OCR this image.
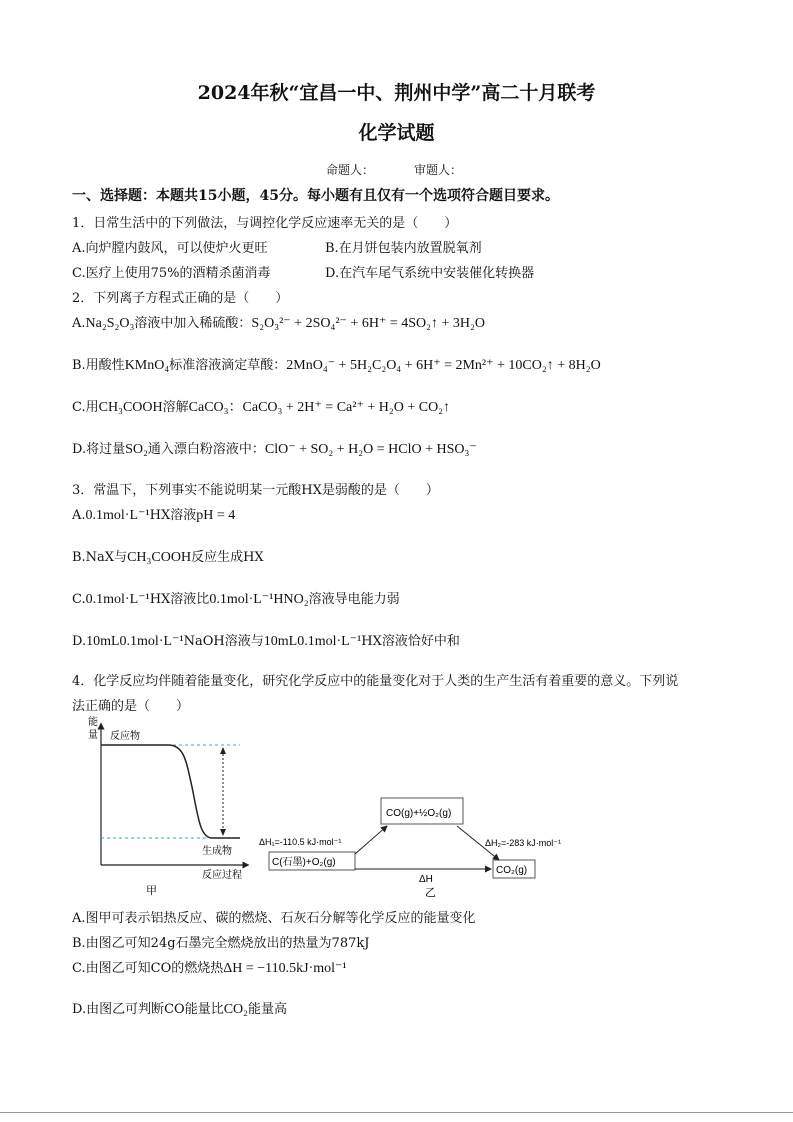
2024年秋“宜昌一中、荆州中学”高二十月联考
化学试题
命题人：	审题人：
一、选择题：本题共15小题，45分。每小题有且仅有一个选项符合题目要求。
1．日常生活中的下列做法，与调控化学反应速率无关的是（　　）
A.向炉膛内鼓风，可以使炉火更旺	B.在月饼包装内放置脱氧剂
C.医疗上使用75%的酒精杀菌消毒	D.在汽车尾气系统中安装催化转换器
2．下列离子方程式正确的是（　　）
A.Na₂S₂O₃溶液中加入稀硫酸：S₂O₃²⁻ + 2SO₄²⁻ + 6H⁺ = 4SO₂↑ + 3H₂O
B.用酸性KMnO₄标准溶液滴定草酸：2MnO₄⁻ + 5H₂C₂O₄ + 6H⁺ = 2Mn²⁺ + 10CO₂↑ + 8H₂O
C.用CH₃COOH溶解CaCO₃：CaCO₃ + 2H⁺ = Ca²⁺ + H₂O + CO₂↑
D.将过量SO₂通入漂白粉溶液中：ClO⁻ + SO₂ + H₂O = HClO + HSO₃⁻
3．常温下，下列事实不能说明某一元酸HX是弱酸的是（　　）
A.0.1mol·L⁻¹HX溶液pH = 4
B.NaX与CH₃COOH反应生成HX
C.0.1mol·L⁻¹HX溶液比0.1mol·L⁻¹HNO₂溶液导电能力弱
D.10mL0.1mol·L⁻¹NaOH溶液与10mL0.1mol·L⁻¹HX溶液恰好中和
4．化学反应均伴随着能量变化，研究化学反应中的能量变化对于人类的生产生活有着重要的意义。下列说
法正确的是（　　）
能
量 反应物
生成物
反应过程
甲
CO(g)+½O₂(g)
C(石墨)+O₂(g)
CO₂(g)
ΔH₁=-110.5 kJ·mol⁻¹	ΔH₂=-283 kJ·mol⁻¹
ΔH
乙
A.图甲可表示铝热反应、碳的燃烧、石灰石分解等化学反应的能量变化
B.由图乙可知24g石墨完全燃烧放出的热量为787kJ
C.由图乙可知CO的燃烧热ΔH = −110.5kJ·mol⁻¹
D.由图乙可判断CO能量比CO₂能量高
